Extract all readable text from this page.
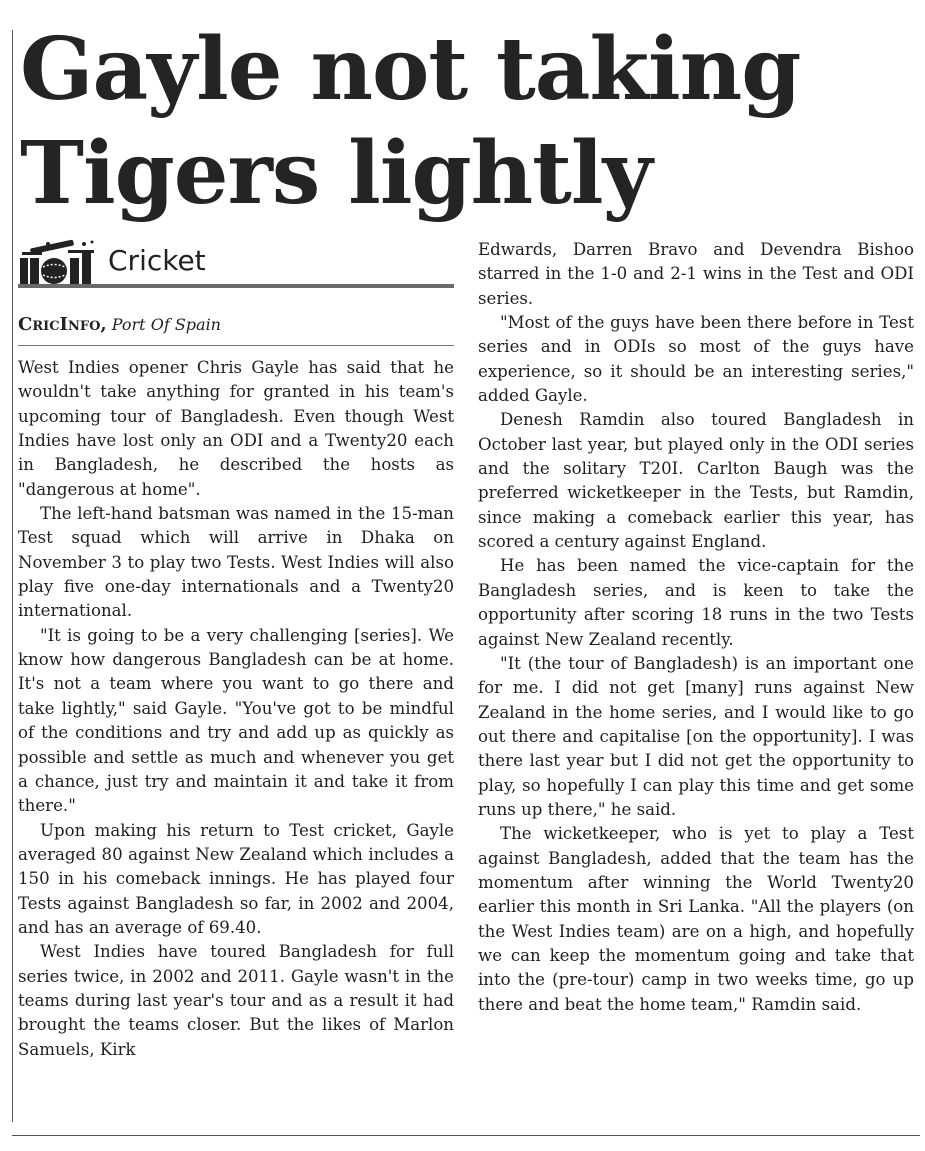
Gayle not taking Tigers lightly
Cricket
CricInfo, Port Of Spain

West Indies opener Chris Gayle has said that he wouldn't take anything for granted in his team's upcoming tour of Bangladesh. Even though West Indies have lost only an ODI and a Twenty20 each in Bangladesh, he described the hosts as "dangerous at home".

The left-hand batsman was named in the 15-man Test squad which will arrive in Dhaka on November 3 to play two Tests. West Indies will also play five one-day internationals and a Twenty20 international.

"It is going to be a very challenging [series]. We know how dangerous Bangladesh can be at home. It's not a team where you want to go there and take lightly," said Gayle. "You've got to be mindful of the conditions and try and add up as quickly as possible and settle as much and whenever you get a chance, just try and maintain it and take it from there."

Upon making his return to Test cricket, Gayle averaged 80 against New Zealand which includes a 150 in his comeback innings. He has played four Tests against Bangladesh so far, in 2002 and 2004, and has an average of 69.40.

West Indies have toured Bangladesh for full series twice, in 2002 and 2011. Gayle wasn't in the teams during last year's tour and as a result it had brought the teams closer. But the likes of Marlon Samuels, Kirk

Edwards, Darren Bravo and Devendra Bishoo starred in the 1-0 and 2-1 wins in the Test and ODI series.

"Most of the guys have been there before in Test series and in ODIs so most of the guys have experience, so it should be an interesting series," added Gayle.

Denesh Ramdin also toured Bangladesh in October last year, but played only in the ODI series and the solitary T20I. Carlton Baugh was the preferred wicketkeeper in the Tests, but Ramdin, since making a comeback earlier this year, has scored a century against England.

He has been named the vice-captain for the Bangladesh series, and is keen to take the opportunity after scoring 18 runs in the two Tests against New Zealand recently.

"It (the tour of Bangladesh) is an important one for me. I did not get [many] runs against New Zealand in the home series, and I would like to go out there and capitalise [on the opportunity]. I was there last year but I did not get the opportunity to play, so hopefully I can play this time and get some runs up there," he said.

The wicketkeeper, who is yet to play a Test against Bangladesh, added that the team has the momentum after winning the World Twenty20 earlier this month in Sri Lanka. "All the players (on the West Indies team) are on a high, and hopefully we can keep the momentum going and take that into the (pre-tour) camp in two weeks time, go up there and beat the home team," Ramdin said.
